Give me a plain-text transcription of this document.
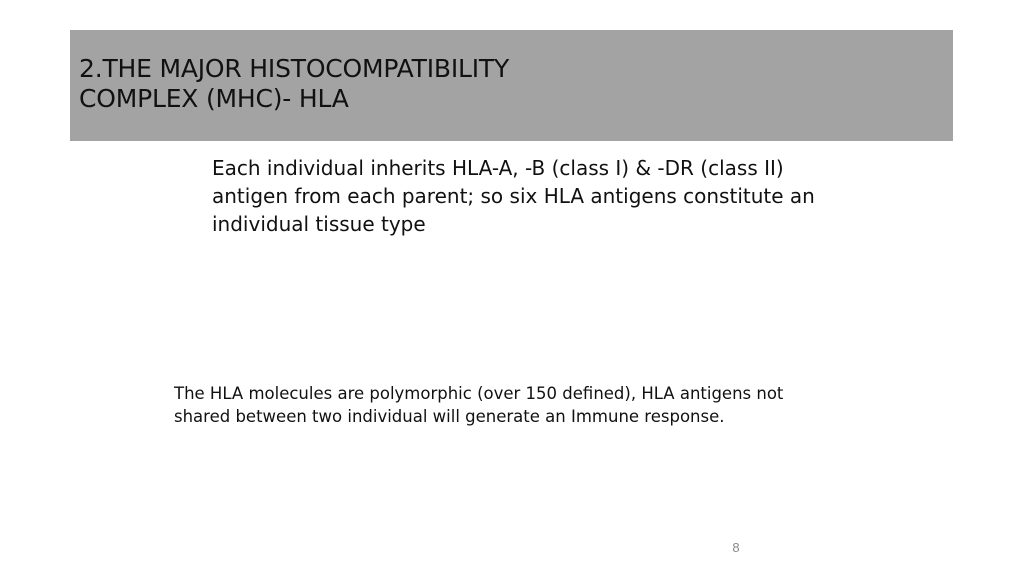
2.THE MAJOR HISTOCOMPATIBILITY
COMPLEX (MHC)- HLA
Each individual inherits HLA-A, -B (class I) & -DR (class II)
antigen from each parent; so six HLA antigens constitute an
individual tissue type
The HLA molecules are polymorphic (over 150 defined), HLA antigens not
shared between two individual will generate an Immune response.
8
